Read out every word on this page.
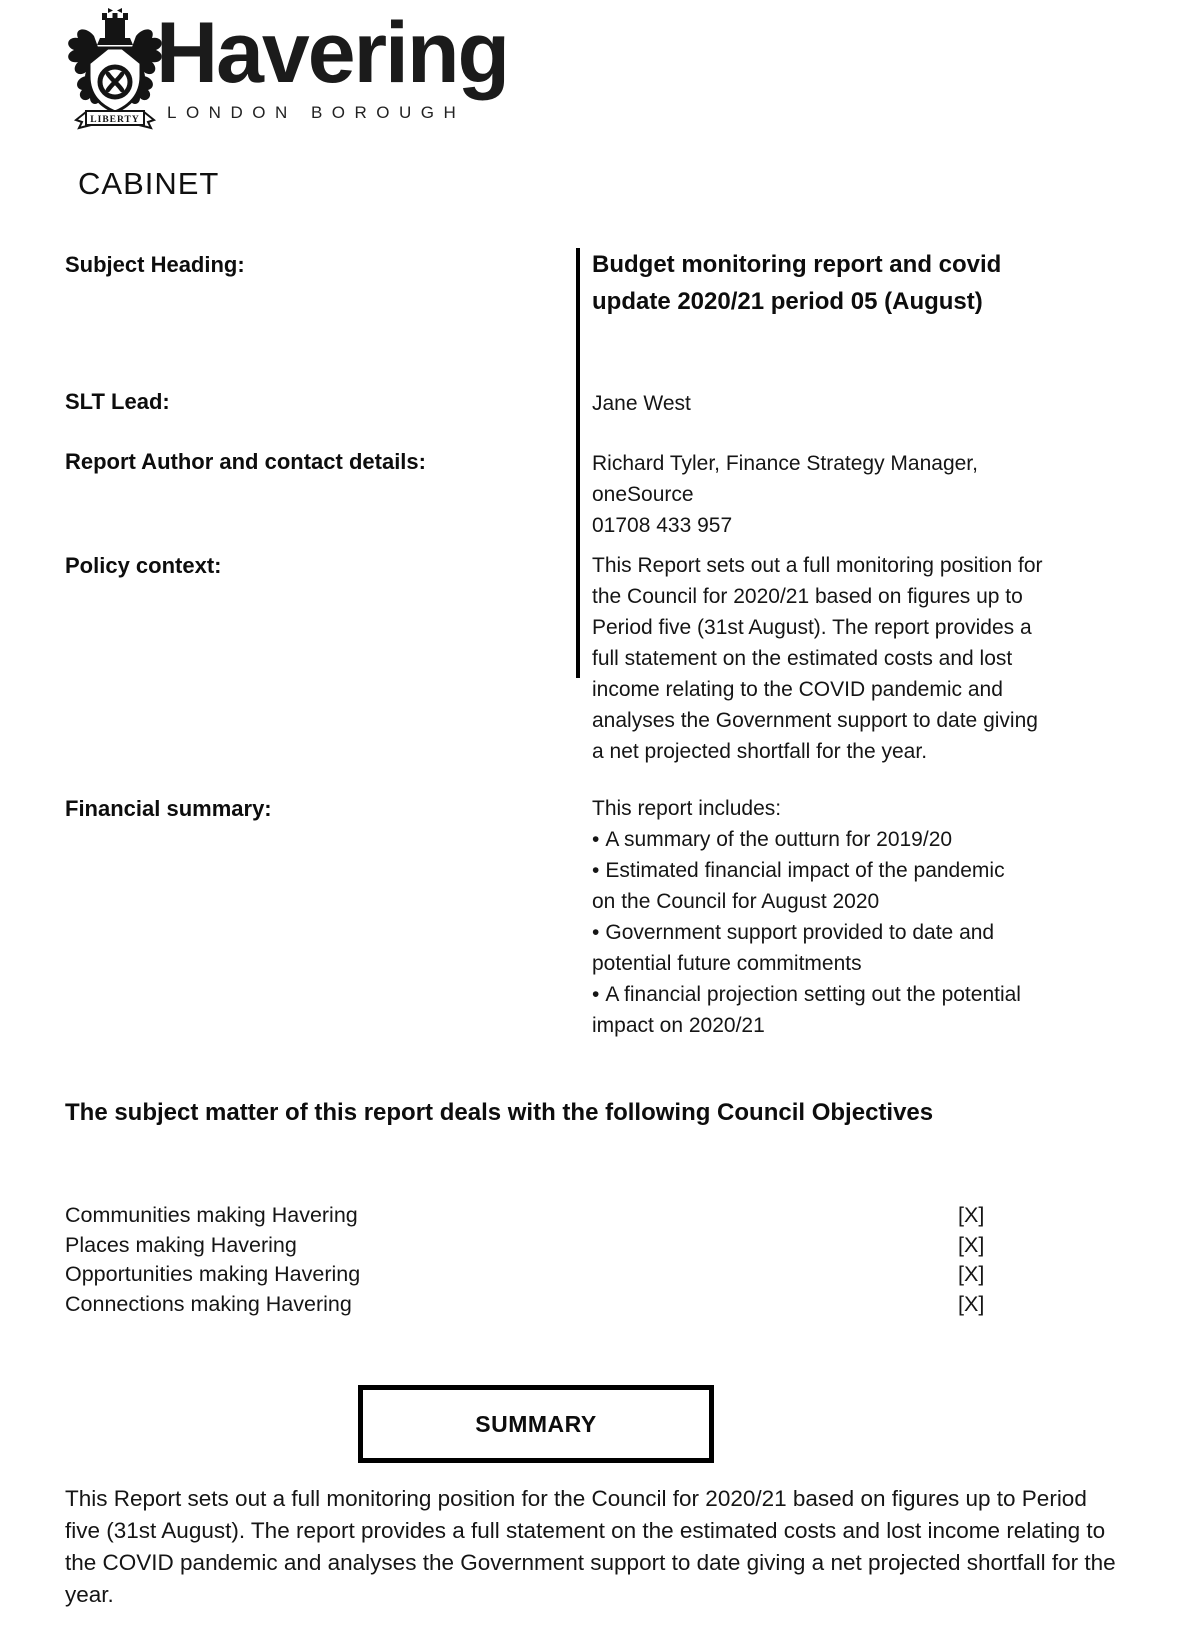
LIBERTY
Havering
LONDON BOROUGH
CABINET
Subject Heading:	Budget monitoring report and covid update 2020/21 period 05 (August)
SLT Lead:	Jane West
Report Author and contact details:	Richard Tyler, Finance Strategy Manager, oneSource
01708 433 957
Policy context:	This Report sets out a full monitoring position for the Council for 2020/21 based on figures up to Period five (31st August). The report provides a full statement on the estimated costs and lost income relating to the COVID pandemic and analyses the Government support to date giving a net projected shortfall for the year.
Financial summary:	This report includes:
• A summary of the outturn for 2019/20
• Estimated financial impact of the pandemic on the Council for August 2020
• Government support provided to date and potential future commitments
• A financial projection setting out the potential impact on 2020/21
The subject matter of this report deals with the following Council Objectives
Communities making Havering	[X]
Places making Havering	[X]
Opportunities making Havering	[X]
Connections making Havering	[X]
SUMMARY
This Report sets out a full monitoring position for the Council for 2020/21 based on figures up to Period five (31st August). The report provides a full statement on the estimated costs and lost income relating to the COVID pandemic and analyses the Government support to date giving a net projected shortfall for the year.
